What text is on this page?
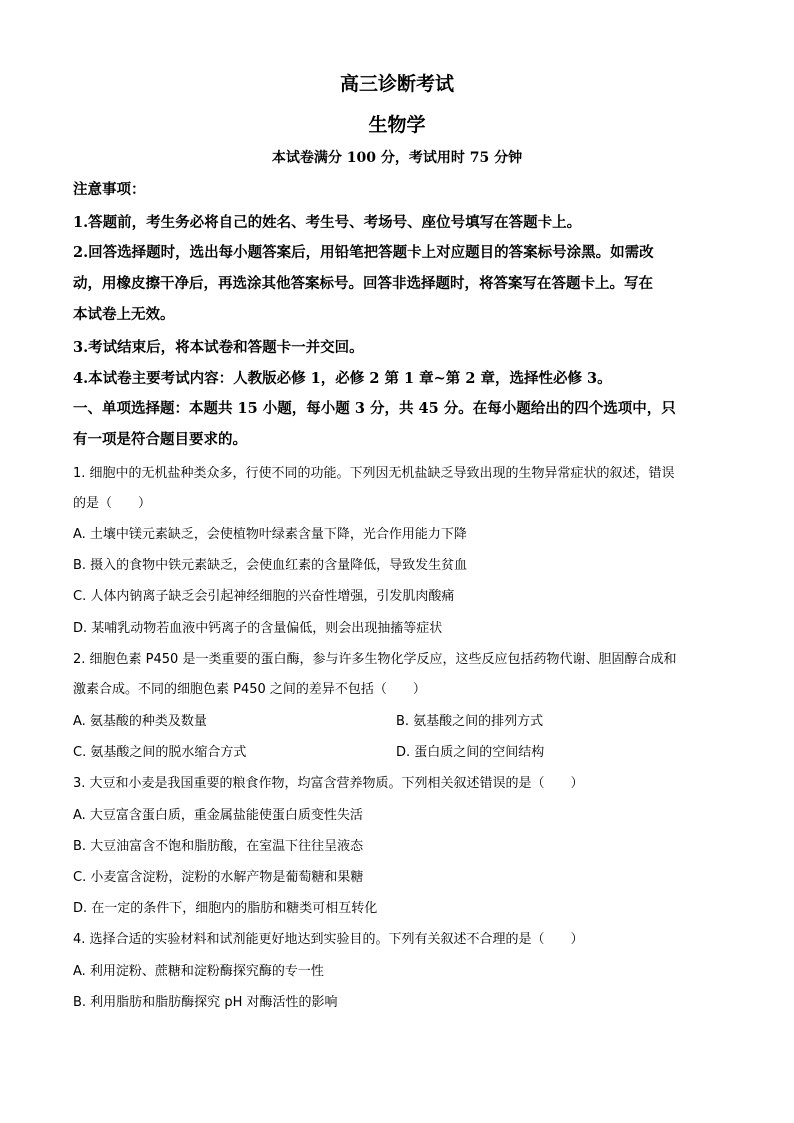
高三诊断考试
生物学
本试卷满分 100 分，考试用时 75 分钟
注意事项：
1.答题前，考生务必将自己的姓名、考生号、考场号、座位号填写在答题卡上。
2.回答选择题时，选出每小题答案后，用铅笔把答题卡上对应题目的答案标号涂黑。如需改
动，用橡皮擦干净后，再选涂其他答案标号。回答非选择题时，将答案写在答题卡上。写在
本试卷上无效。
3.考试结束后，将本试卷和答题卡一并交回。
4.本试卷主要考试内容：人教版必修 1，必修 2 第 1 章~第 2 章，选择性必修 3。
一、单项选择题：本题共 15 小题，每小题 3 分，共 45 分。在每小题给出的四个选项中，只
有一项是符合题目要求的。
1. 细胞中的无机盐种类众多，行使不同的功能。下列因无机盐缺乏导致出现的生物异常症状的叙述，错误
的是（　　）
A. 土壤中镁元素缺乏，会使植物叶绿素含量下降，光合作用能力下降
B. 摄入的食物中铁元素缺乏，会使血红素的含量降低，导致发生贫血
C. 人体内钠离子缺乏会引起神经细胞的兴奋性增强，引发肌肉酸痛
D. 某哺乳动物若血液中钙离子的含量偏低，则会出现抽搐等症状
2. 细胞色素 P450 是一类重要的蛋白酶，参与许多生物化学反应，这些反应包括药物代谢、胆固醇合成和
激素合成。不同的细胞色素 P450 之间的差异不包括（　　）
A. 氨基酸的种类及数量	B. 氨基酸之间的排列方式
C. 氨基酸之间的脱水缩合方式	D. 蛋白质之间的空间结构
3. 大豆和小麦是我国重要的粮食作物，均富含营养物质。下列相关叙述错误的是（　　）
A. 大豆富含蛋白质，重金属盐能使蛋白质变性失活
B. 大豆油富含不饱和脂肪酸，在室温下往往呈液态
C. 小麦富含淀粉，淀粉的水解产物是葡萄糖和果糖
D. 在一定的条件下，细胞内的脂肪和糖类可相互转化
4. 选择合适的实验材料和试剂能更好地达到实验目的。下列有关叙述不合理的是（　　）
A. 利用淀粉、蔗糖和淀粉酶探究酶的专一性
B. 利用脂肪和脂肪酶探究 pH 对酶活性的影响
